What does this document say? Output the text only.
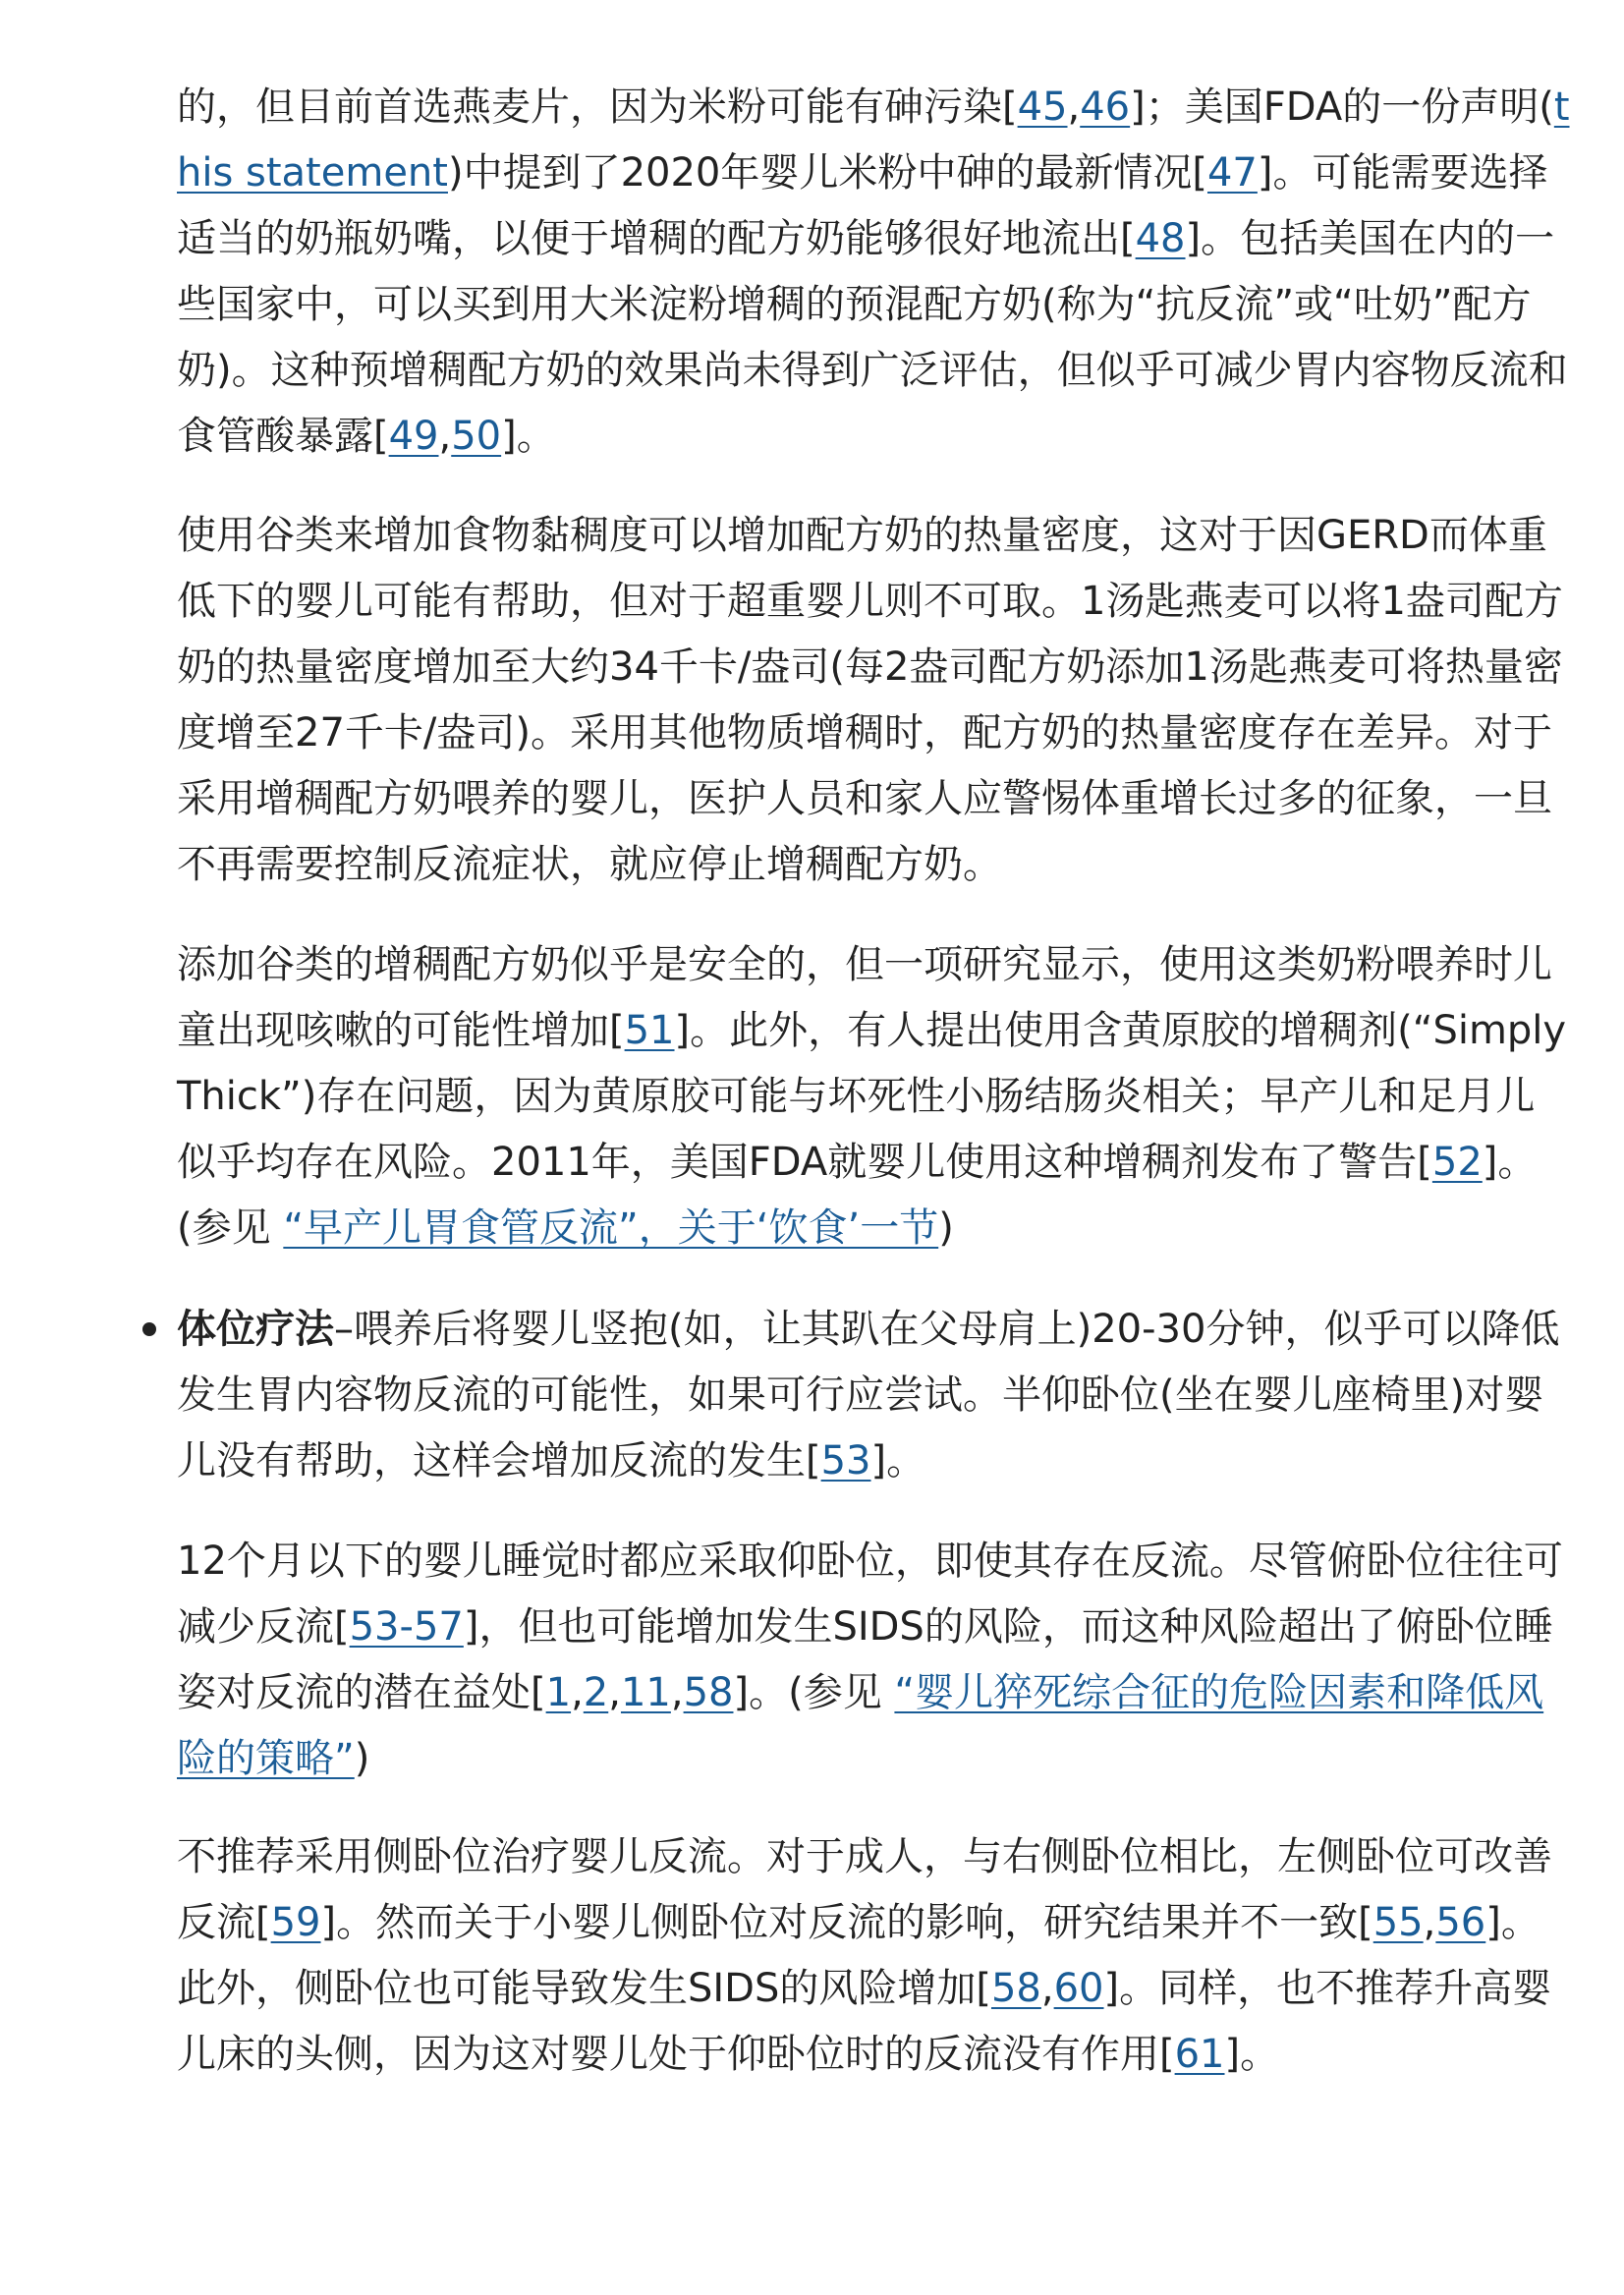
的，但目前首选燕麦片，因为米粉可能有砷污染[45,46]；美国FDA的一份声明(this statement)中提到了2020年婴儿米粉中砷的最新情况[47]。可能需要选择适当的奶瓶奶嘴，以便于增稠的配方奶能够很好地流出[48]。包括美国在内的一些国家中，可以买到用大米淀粉增稠的预混配方奶(称为“抗反流”或“吐奶”配方奶)。这种预增稠配方奶的效果尚未得到广泛评估，但似乎可减少胃内容物反流和食管酸暴露[49,50]。

使用谷类来增加食物黏稠度可以增加配方奶的热量密度，这对于因GERD而体重低下的婴儿可能有帮助，但对于超重婴儿则不可取。1汤匙燕麦可以将1盎司配方奶的热量密度增加至大约34千卡/盎司(每2盎司配方奶添加1汤匙燕麦可将热量密度增至27千卡/盎司)。采用其他物质增稠时，配方奶的热量密度存在差异。对于采用增稠配方奶喂养的婴儿，医护人员和家人应警惕体重增长过多的征象，一旦不再需要控制反流症状，就应停止增稠配方奶。

添加谷类的增稠配方奶似乎是安全的，但一项研究显示，使用这类奶粉喂养时儿童出现咳嗽的可能性增加[51]。此外，有人提出使用含黄原胶的增稠剂(“SimplyThick”)存在问题，因为黄原胶可能与坏死性小肠结肠炎相关；早产儿和足月儿似乎均存在风险。2011年，美国FDA就婴儿使用这种增稠剂发布了警告[52]。(参见 “早产儿胃食管反流”，关于‘饮食’一节)

体位疗法–喂养后将婴儿竖抱(如，让其趴在父母肩上)20-30分钟，似乎可以降低发生胃内容物反流的可能性，如果可行应尝试。半仰卧位(坐在婴儿座椅里)对婴儿没有帮助，这样会增加反流的发生[53]。

12个月以下的婴儿睡觉时都应采取仰卧位，即使其存在反流。尽管俯卧位往往可减少反流[53-57]，但也可能增加发生SIDS的风险，而这种风险超出了俯卧位睡姿对反流的潜在益处[1,2,11,58]。(参见 “婴儿猝死综合征的危险因素和降低风险的策略”)

不推荐采用侧卧位治疗婴儿反流。对于成人，与右侧卧位相比，左侧卧位可改善反流[59]。然而关于小婴儿侧卧位对反流的影响，研究结果并不一致[55,56]。此外，侧卧位也可能导致发生SIDS的风险增加[58,60]。同样，也不推荐升高婴儿床的头侧，因为这对婴儿处于仰卧位时的反流没有作用[61]。
